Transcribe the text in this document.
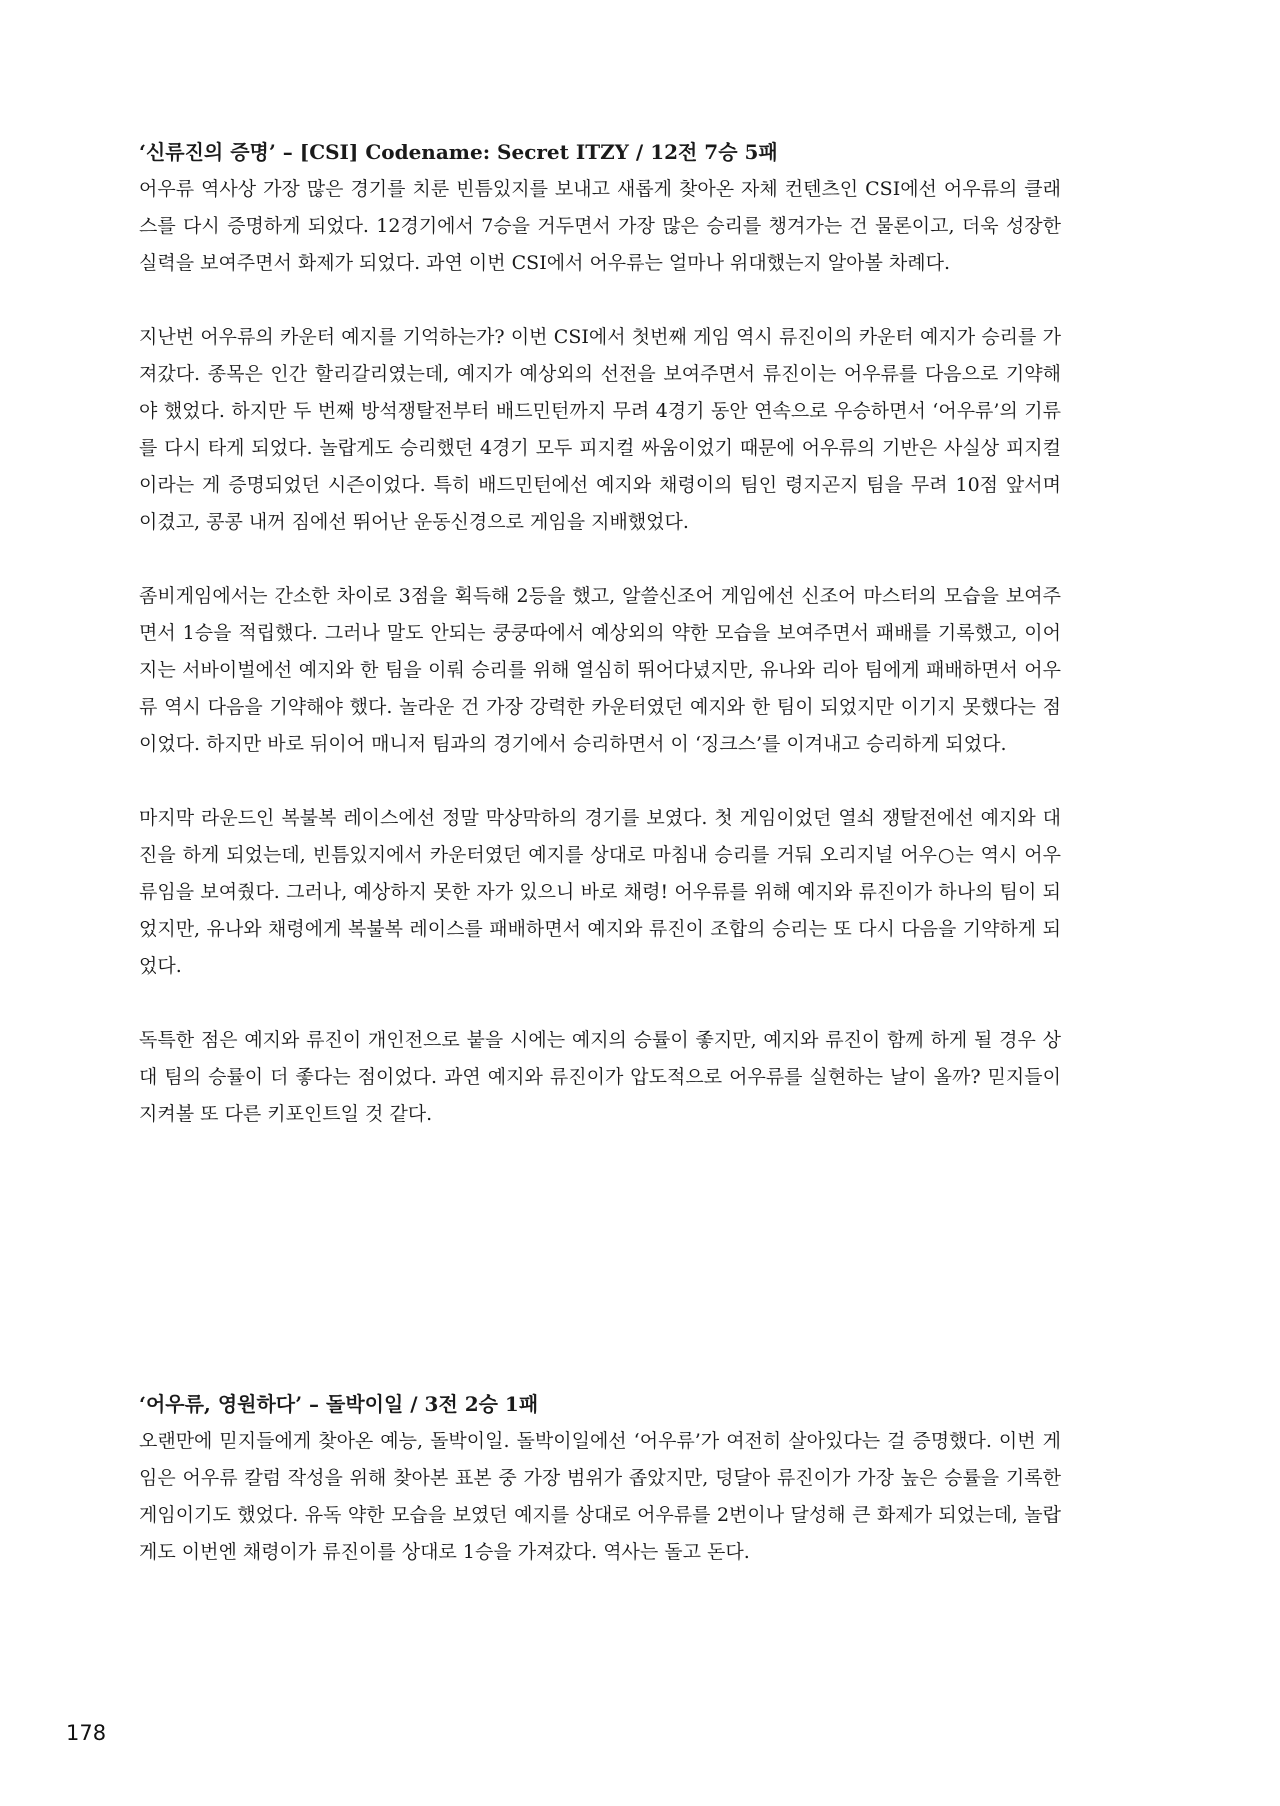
‘신류진의 증명’ – [CSI] Codename: Secret ITZY / 12전 7승 5패

어우류 역사상 가장 많은 경기를 치룬 빈틈있지를 보내고 새롭게 찾아온 자체 컨텐츠인 CSI에선 어우류의 클래스를 다시 증명하게 되었다. 12경기에서 7승을 거두면서 가장 많은 승리를 챙겨가는 건 물론이고, 더욱 성장한 실력을 보여주면서 화제가 되었다. 과연 이번 CSI에서 어우류는 얼마나 위대했는지 알아볼 차례다.

지난번 어우류의 카운터 예지를 기억하는가? 이번 CSI에서 첫번째 게임 역시 류진이의 카운터 예지가 승리를 가져갔다. 종목은 인간 할리갈리였는데, 예지가 예상외의 선전을 보여주면서 류진이는 어우류를 다음으로 기약해야 했었다. 하지만 두 번째 방석쟁탈전부터 배드민턴까지 무려 4경기 동안 연속으로 우승하면서 ‘어우류’의 기류를 다시 타게 되었다. 놀랍게도 승리했던 4경기 모두 피지컬 싸움이었기 때문에 어우류의 기반은 사실상 피지컬이라는 게 증명되었던 시즌이었다. 특히 배드민턴에선 예지와 채령이의 팀인 령지곤지 팀을 무려 10점 앞서며 이겼고, 콩콩 내꺼 짐에선 뛰어난 운동신경으로 게임을 지배했었다.

좀비게임에서는 간소한 차이로 3점을 획득해 2등을 했고, 알쓸신조어 게임에선 신조어 마스터의 모습을 보여주면서 1승을 적립했다. 그러나 말도 안되는 쿵쿵따에서 예상외의 약한 모습을 보여주면서 패배를 기록했고, 이어지는 서바이벌에선 예지와 한 팀을 이뤄 승리를 위해 열심히 뛰어다녔지만, 유나와 리아 팀에게 패배하면서 어우류 역시 다음을 기약해야 했다. 놀라운 건 가장 강력한 카운터였던 예지와 한 팀이 되었지만 이기지 못했다는 점이었다. 하지만 바로 뒤이어 매니저 팀과의 경기에서 승리하면서 이 ‘징크스’를 이겨내고 승리하게 되었다.

마지막 라운드인 복불복 레이스에선 정말 막상막하의 경기를 보였다. 첫 게임이었던 열쇠 쟁탈전에선 예지와 대진을 하게 되었는데, 빈틈있지에서 카운터였던 예지를 상대로 마침내 승리를 거둬 오리지널 어우○는 역시 어우류임을 보여줬다. 그러나, 예상하지 못한 자가 있으니 바로 채령! 어우류를 위해 예지와 류진이가 하나의 팀이 되었지만, 유나와 채령에게 복불복 레이스를 패배하면서 예지와 류진이 조합의 승리는 또 다시 다음을 기약하게 되었다.

독특한 점은 예지와 류진이 개인전으로 붙을 시에는 예지의 승률이 좋지만, 예지와 류진이 함께 하게 될 경우 상대 팀의 승률이 더 좋다는 점이었다. 과연 예지와 류진이가 압도적으로 어우류를 실현하는 날이 올까? 믿지들이 지켜볼 또 다른 키포인트일 것 같다.

‘어우류, 영원하다’ – 돌박이일 / 3전 2승 1패

오랜만에 믿지들에게 찾아온 예능, 돌박이일. 돌박이일에선 ‘어우류’가 여전히 살아있다는 걸 증명했다. 이번 게임은 어우류 칼럼 작성을 위해 찾아본 표본 중 가장 범위가 좁았지만, 덩달아 류진이가 가장 높은 승률을 기록한 게임이기도 했었다. 유독 약한 모습을 보였던 예지를 상대로 어우류를 2번이나 달성해 큰 화제가 되었는데, 놀랍게도 이번엔 채령이가 류진이를 상대로 1승을 가져갔다. 역사는 돌고 돈다.

178
